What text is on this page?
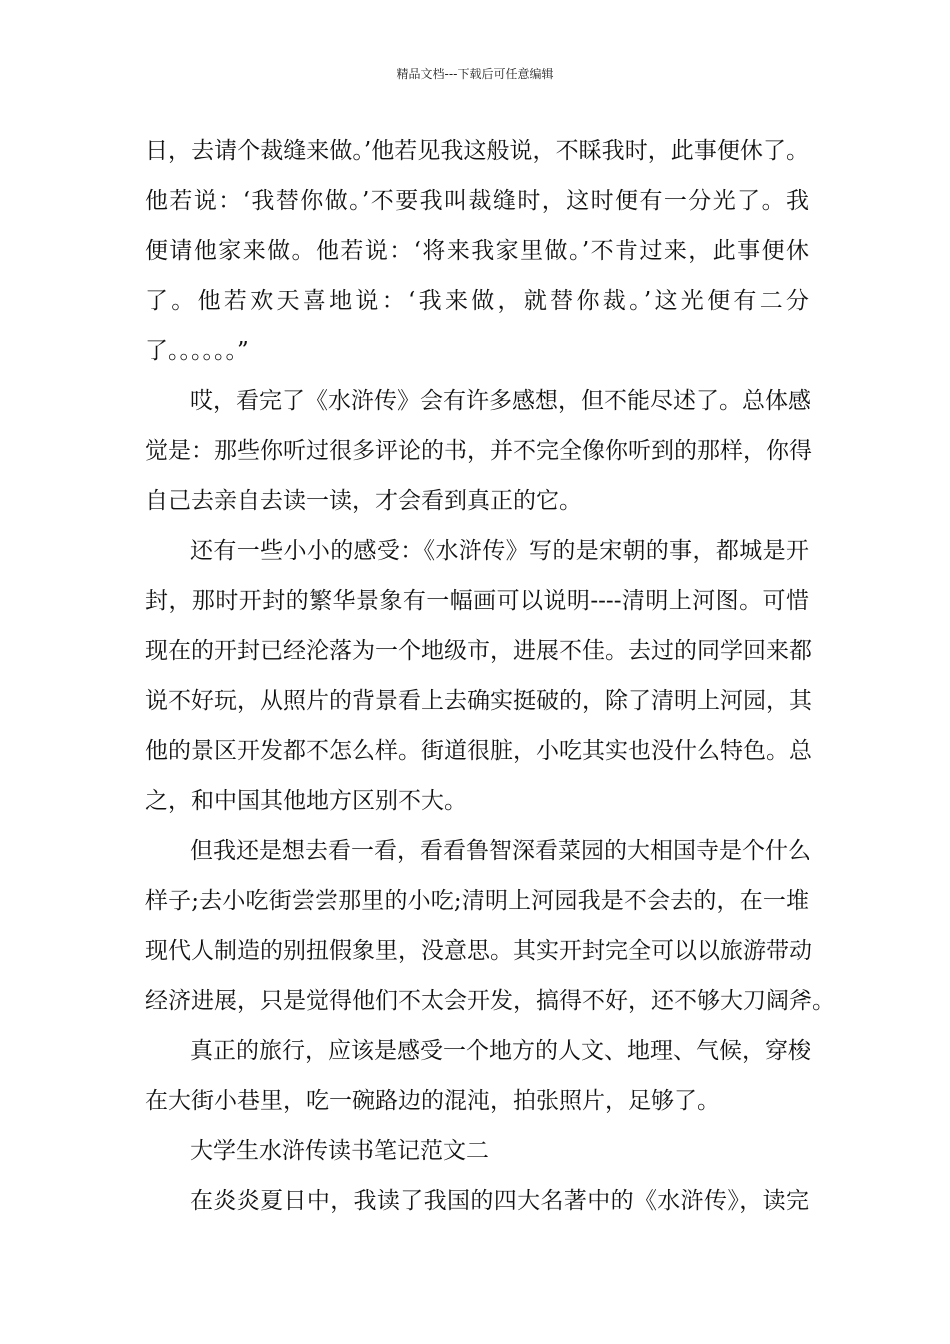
精品文档---下载后可任意编辑
日，去请个裁缝来做。’他若见我这般说，不睬我时，此事便休了。
他若说：‘我替你做。’不要我叫裁缝时，这时便有一分光了。我
便请他家来做。他若说：‘将来我家里做。’不肯过来，此事便休
了。他若欢天喜地说：‘我来做，就替你裁。’这光便有二分
了。。。。。。”
哎，看完了《水浒传》会有许多感想，但不能尽述了。总体感
觉是：那些你听过很多评论的书，并不完全像你听到的那样，你得
自己去亲自去读一读，才会看到真正的它。
还有一些小小的感受：《水浒传》写的是宋朝的事，都城是开
封，那时开封的繁华景象有一幅画可以说明----清明上河图。可惜
现在的开封已经沦落为一个地级市，进展不佳。去过的同学回来都
说不好玩，从照片的背景看上去确实挺破的，除了清明上河园，其
他的景区开发都不怎么样。街道很脏，小吃其实也没什么特色。总
之，和中国其他地方区别不大。
但我还是想去看一看，看看鲁智深看菜园的大相国寺是个什么
样子;去小吃街尝尝那里的小吃;清明上河园我是不会去的，在一堆
现代人制造的别扭假象里，没意思。其实开封完全可以以旅游带动
经济进展，只是觉得他们不太会开发，搞得不好，还不够大刀阔斧。
真正的旅行，应该是感受一个地方的人文、地理、气候，穿梭
在大街小巷里，吃一碗路边的混沌，拍张照片，足够了。
大学生水浒传读书笔记范文二
在炎炎夏日中，我读了我国的四大名著中的《水浒传》，读完
